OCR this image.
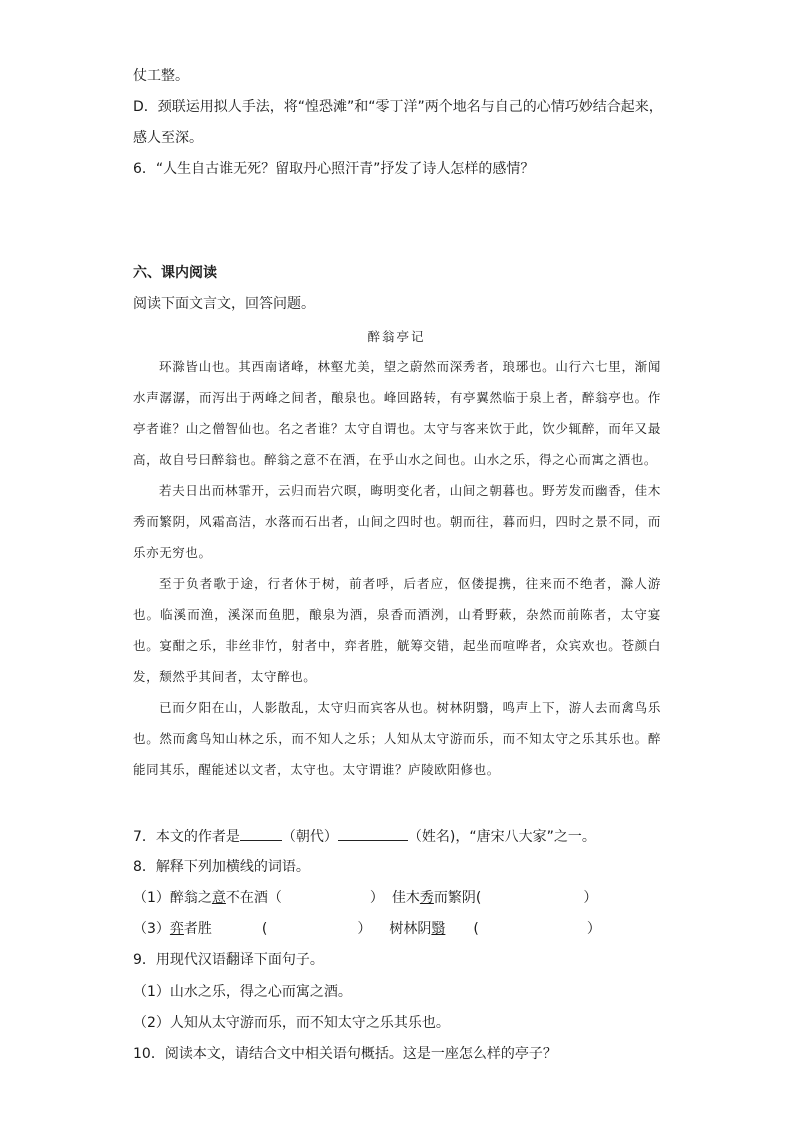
仗工整。
D．颈联运用拟人手法，将“惶恐滩”和“零丁洋”两个地名与自己的心情巧妙结合起来，
感人至深。
6．“人生自古谁无死？留取丹心照汗青”抒发了诗人怎样的感情？
六、课内阅读
阅读下面文言文，回答问题。
醉翁亭记

环滁皆山也。其西南诸峰，林壑尤美，望之蔚然而深秀者，琅琊也。山行六七里，渐闻水声潺潺，而泻出于两峰之间者，酿泉也。峰回路转，有亭翼然临于泉上者，醉翁亭也。作亭者谁？山之僧智仙也。名之者谁？太守自谓也。太守与客来饮于此，饮少辄醉，而年又最高，故自号曰醉翁也。醉翁之意不在酒，在乎山水之间也。山水之乐，得之心而寓之酒也。

若夫日出而林霏开，云归而岩穴暝，晦明变化者，山间之朝暮也。野芳发而幽香，佳木秀而繁阴，风霜高洁，水落而石出者，山间之四时也。朝而往，暮而归，四时之景不同，而乐亦无穷也。

至于负者歌于途，行者休于树，前者呼，后者应，伛偻提携，往来而不绝者，滁人游也。临溪而渔，溪深而鱼肥，酿泉为酒，泉香而酒洌，山肴野蔌，杂然而前陈者，太守宴也。宴酣之乐，非丝非竹，射者中，弈者胜，觥筹交错，起坐而喧哗者，众宾欢也。苍颜白发，颓然乎其间者，太守醉也。

已而夕阳在山，人影散乱，太守归而宾客从也。树林阴翳，鸣声上下，游人去而禽鸟乐也。然而禽鸟知山林之乐，而不知人之乐；人知从太守游而乐，而不知太守之乐其乐也。醉能同其乐，醒能述以文者，太守也。太守谓谁？庐陵欧阳修也。

7．本文的作者是	（朝代）	（姓名)，“唐宋八大家”之一。
8．解释下列加横线的词语。
（1）醉翁之意不在酒（	） 佳木秀而繁阴(	）
（3）弈者胜	(	） 树林阴翳 (	）
9．用现代汉语翻译下面句子。
（1）山水之乐，得之心而寓之酒。
（2）人知从太守游而乐，而不知太守之乐其乐也。
10．阅读本文，请结合文中相关语句概括。这是一座怎么样的亭子？
